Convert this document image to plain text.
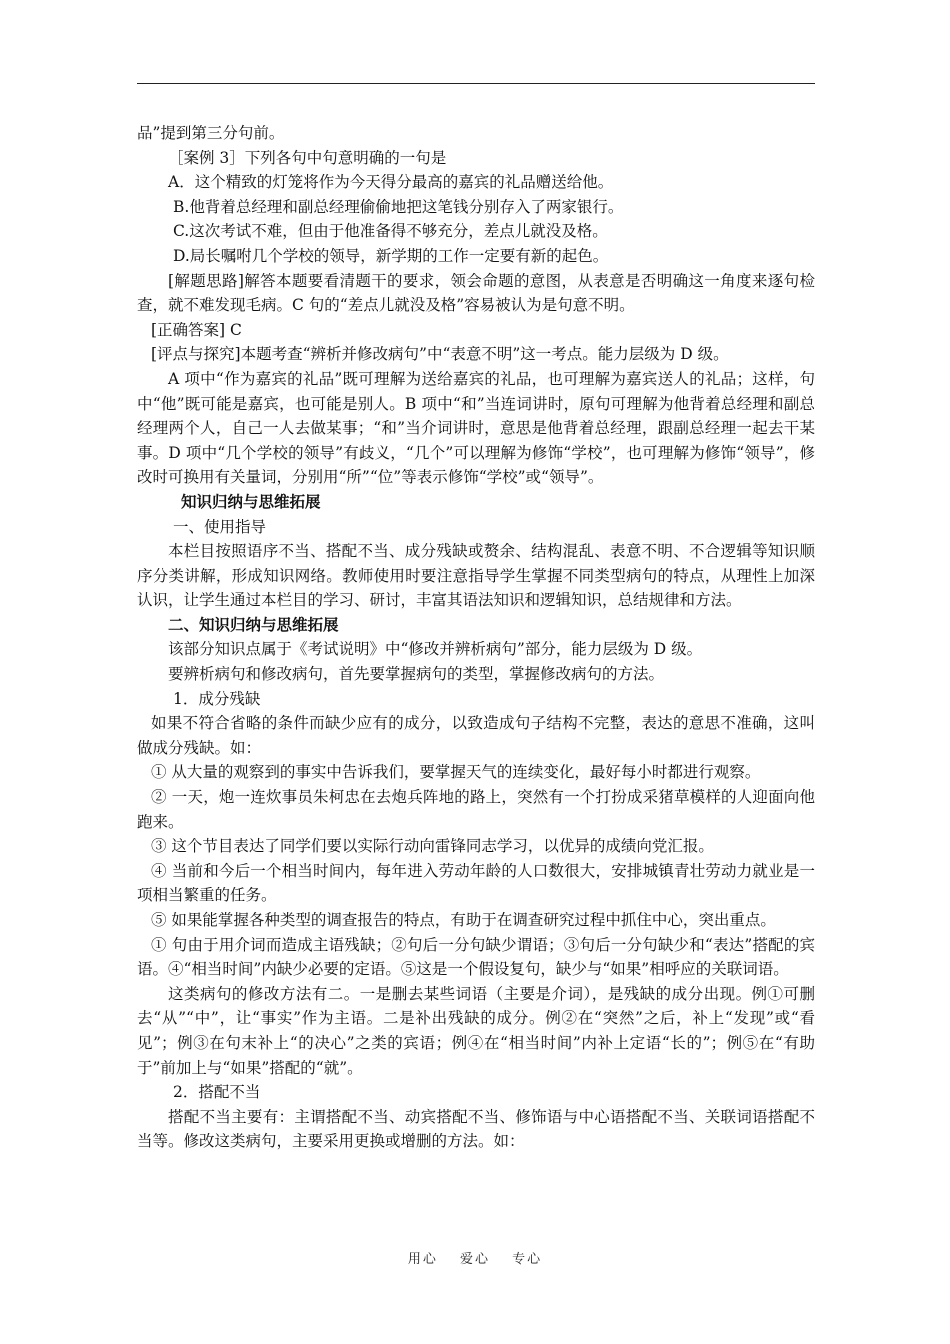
品”提到第三分句前。

［案例 3］下列各句中句意明确的一句是

A．这个精致的灯笼将作为今天得分最高的嘉宾的礼品赠送给他。

B.他背着总经理和副总经理偷偷地把这笔钱分别存入了两家银行。

C.这次考试不难，但由于他准备得不够充分，差点儿就没及格。

D.局长嘱咐几个学校的领导，新学期的工作一定要有新的起色。

[解题思路]解答本题要看清题干的要求，领会命题的意图，从表意是否明确这一角度来逐句检查，就不难发现毛病。C 句的“差点儿就没及格”容易被认为是句意不明。

[正确答案] C

[评点与探究]本题考查“辨析并修改病句”中“表意不明”这一考点。能力层级为 D 级。

A 项中“作为嘉宾的礼品”既可理解为送给嘉宾的礼品，也可理解为嘉宾送人的礼品；这样，句中“他”既可能是嘉宾，也可能是别人。B 项中“和”当连词讲时，原句可理解为他背着总经理和副总经理两个人，自己一人去做某事；“和”当介词讲时，意思是他背着总经理，跟副总经理一起去干某事。D 项中“几个学校的领导”有歧义，“几个”可以理解为修饰“学校”，也可理解为修饰“领导”，修改时可换用有关量词，分别用“所”“位”等表示修饰“学校”或“领导”。

知识归纳与思维拓展

一、使用指导

本栏目按照语序不当、搭配不当、成分残缺或赘余、结构混乱、表意不明、不合逻辑等知识顺序分类讲解，形成知识网络。教师使用时要注意指导学生掌握不同类型病句的特点，从理性上加深认识，让学生通过本栏目的学习、研讨，丰富其语法知识和逻辑知识，总结规律和方法。

二、知识归纳与思维拓展

该部分知识点属于《考试说明》中“修改并辨析病句”部分，能力层级为 D 级。

要辨析病句和修改病句，首先要掌握病句的类型，掌握修改病句的方法。

1．成分残缺

如果不符合省略的条件而缺少应有的成分，以致造成句子结构不完整，表达的意思不准确，这叫做成分残缺。如：

① 从大量的观察到的事实中告诉我们，要掌握天气的连续变化，最好每小时都进行观察。

② 一天，炮一连炊事员朱柯忠在去炮兵阵地的路上，突然有一个打扮成采猪草模样的人迎面向他跑来。

③ 这个节目表达了同学们要以实际行动向雷锋同志学习，以优异的成绩向党汇报。

④ 当前和今后一个相当时间内，每年进入劳动年龄的人口数很大，安排城镇青壮劳动力就业是一项相当繁重的任务。

⑤ 如果能掌握各种类型的调查报告的特点，有助于在调查研究过程中抓住中心，突出重点。

① 句由于用介词而造成主语残缺；②句后一分句缺少谓语；③句后一分句缺少和“表达”搭配的宾语。④“相当时间”内缺少必要的定语。⑤这是一个假设复句，缺少与“如果”相呼应的关联词语。

这类病句的修改方法有二。一是删去某些词语（主要是介词），是残缺的成分出现。例①可删去“从”“中”，让“事实”作为主语。二是补出残缺的成分。例②在“突然”之后，补上“发现”或“看见”；例③在句末补上“的决心”之类的宾语；例④在“相当时间”内补上定语“长的”；例⑤在“有助于”前加上与“如果”搭配的“就”。

2．搭配不当

搭配不当主要有：主谓搭配不当、动宾搭配不当、修饰语与中心语搭配不当、关联词语搭配不当等。修改这类病句，主要采用更换或增删的方法。如：

用心 爱心 专心
